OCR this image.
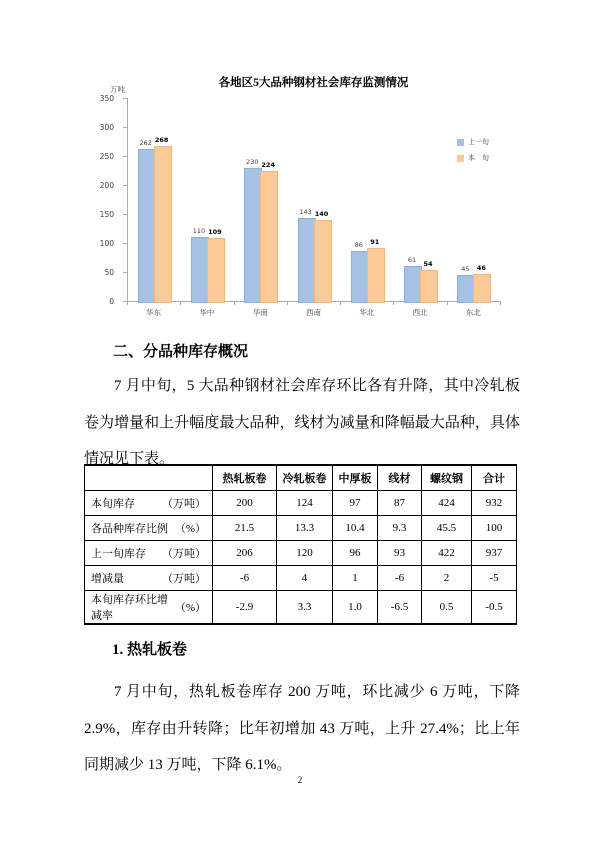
各地区5大品种钢材社会库存监测情况
万吨
上一旬
本　旬
0
50
100
150
200
250
300
350
262 268
华东
110 109
华中
230 224
华南
143 140
西南
86	91
华北
61
54
西北
45	46
东北
二、分品种库存概况
7 月中旬，5 大品种钢材社会库存环比各有升降，其中冷轧板卷为增量和上升幅度最大品种，线材为减量和降幅最大品种，具体情况见下表。
	热轧板卷	冷轧板卷	中厚板	线材	螺纹钢	合计

本旬库存 （万吨）	200	124	97	87	424	932

各品种库存比例 （%）	21.5	13.3	10.4	9.3	45.5	100

上一旬库存 （万吨）	206	120	96	93	422	937

增减量 （万吨）	-6	4	1	-6	2	-5

本旬库存环比增减率
（%）	-2.9	3.3	1.0	-6.5	0.5	-0.5
1. 热轧板卷
7 月中旬，热轧板卷库存 200 万吨，环比减少 6 万吨，下降 2.9%，库存由升转降；比年初增加 43 万吨，上升 27.4%；比上年同期减少 13 万吨，下降 6.1%。
2
